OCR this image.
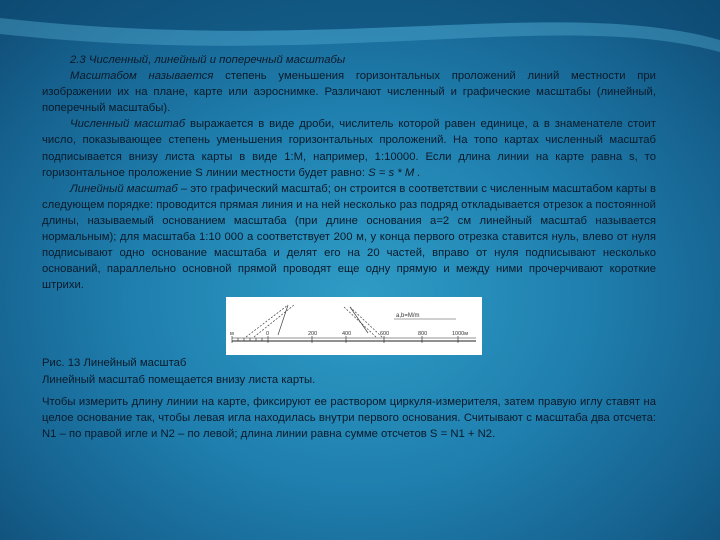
2.3 Численный, линейный и поперечный масштабы

Масштабом называется степень уменьшения горизонтальных проложений линий местности при изображении их на плане, карте или аэроснимке. Различают численный и графические масштабы (линейный, поперечный масштабы).

Численный масштаб выражается в виде дроби, числитель которой равен единице, а в знаменателе стоит число, показывающее степень уменьшения горизонтальных проложений. На топо картах численный масштаб подписывается внизу листа карты в виде 1:М, например, 1:10000. Если длина линии на карте равна s, то горизонтальное проложение S линии местности будет равно: S = s * M .

Линейный масштаб – это графический масштаб; он строится в соответствии с численным масштабом карты в следующем порядке: проводится прямая линия и на ней несколько раз подряд откладывается отрезок а постоянной длины, называемый основанием масштаба (при длине основания а=2 см линейный масштаб называется нормальным); для масштаба 1:10 000 а соответствует 200 м, у конца первого отрезка ставится нуль, влево от нуля подписывают одно основание масштаба и делят его на 20 частей, вправо от нуля подписывают несколько оснований, параллельно основной прямой проводят еще одну прямую и между ними прочерчивают короткие штрихи.

a,b=M/m
м	0	200	400	600	800	1000м

Рис. 13 Линейный масштаб

Линейный масштаб помещается внизу листа карты.

Чтобы измерить длину линии на карте, фиксируют ее раствором циркуля-измерителя, затем правую иглу ставят на целое основание так, чтобы левая игла находилась внутри первого основания. Считывают с масштаба два отсчета: N1 – по правой игле и N2 – по левой; длина линии равна сумме отсчетов S = N1 + N2.
